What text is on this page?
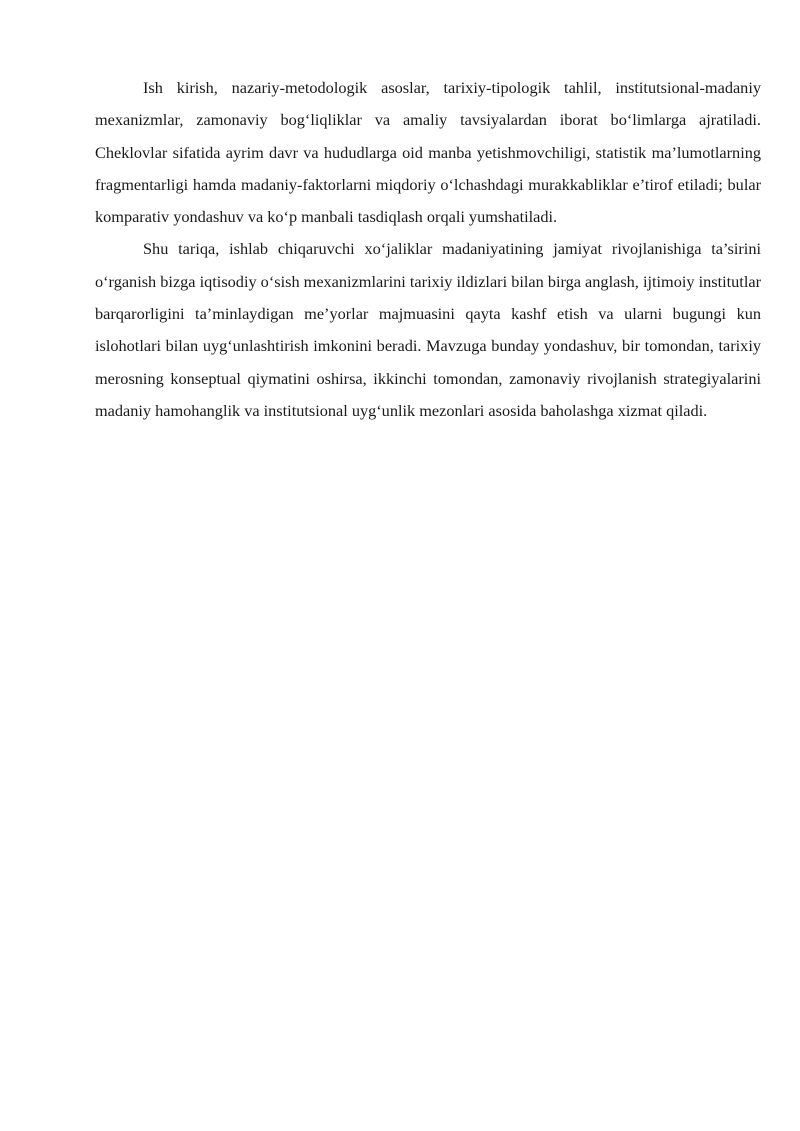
Ish kirish, nazariy-metodologik asoslar, tarixiy-tipologik tahlil, institutsional-madaniy mexanizmlar, zamonaviy bog‘liqliklar va amaliy tavsiyalardan iborat bo‘limlarga ajratiladi. Cheklovlar sifatida ayrim davr va hududlarga oid manba yetishmovchiligi, statistik ma’lumotlarning fragmentarligi hamda madaniy-faktorlarni miqdoriy o‘lchashdagi murakkabliklar e’tirof etiladi; bular komparativ yondashuv va ko‘p manbali tasdiqlash orqali yumshatiladi.

Shu tariqa, ishlab chiqaruvchi xo‘jaliklar madaniyatining jamiyat rivojlanishiga ta’sirini o‘rganish bizga iqtisodiy o‘sish mexanizmlarini tarixiy ildizlari bilan birga anglash, ijtimoiy institutlar barqarorligini ta’minlaydigan me’yorlar majmuasini qayta kashf etish va ularni bugungi kun islohotlari bilan uyg‘unlashtirish imkonini beradi. Mavzuga bunday yondashuv, bir tomondan, tarixiy merosning konseptual qiymatini oshirsa, ikkinchi tomondan, zamonaviy rivojlanish strategiyalarini madaniy hamohanglik va institutsional uyg‘unlik mezonlari asosida baholashga xizmat qiladi.
